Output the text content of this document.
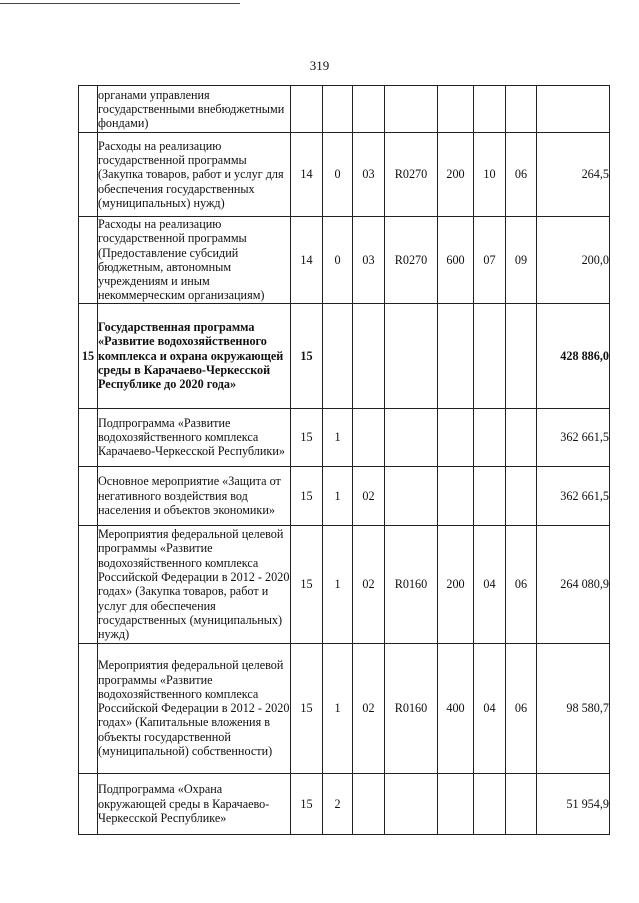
319
	органами управления государственными внебюджетными фондами)								
	Расходы на реализацию государственной программы (Закупка товаров, работ и услуг для обеспечения государственных (муниципальных) нужд)	14	0	03	R0270	200	10	06	264,5
	Расходы на реализацию государственной программы (Предоставление субсидий бюджетным, автономным учреждениям и иным некоммерческим организациям)	14	0	03	R0270	600	07	09	200,0
15	Государственная программа «Развитие водохозяйственного комплекса и охрана окружающей среды в Карачаево-Черкесской Республике до 2020 года»	15							428 886,0
	Подпрограмма «Развитие водохозяйственного комплекса Карачаево-Черкесской Республики»	15	1						362 661,5
	Основное мероприятие «Защита от негативного воздействия вод населения и объектов экономики»	15	1	02					362 661,5
	Мероприятия федеральной целевой программы «Развитие водохозяйственного комплекса Российской Федерации в 2012 - 2020 годах» (Закупка товаров, работ и услуг для обеспечения государственных (муниципальных) нужд)	15	1	02	R0160	200	04	06	264 080,9
	Мероприятия федеральной целевой программы «Развитие водохозяйственного комплекса Российской Федерации в 2012 - 2020 годах» (Капитальные вложения в объекты государственной (муниципальной) собственности)	15	1	02	R0160	400	04	06	98 580,7
	Подпрограмма «Охрана окружающей среды в Карачаево-Черкесской Республике»	15	2						51 954,9
